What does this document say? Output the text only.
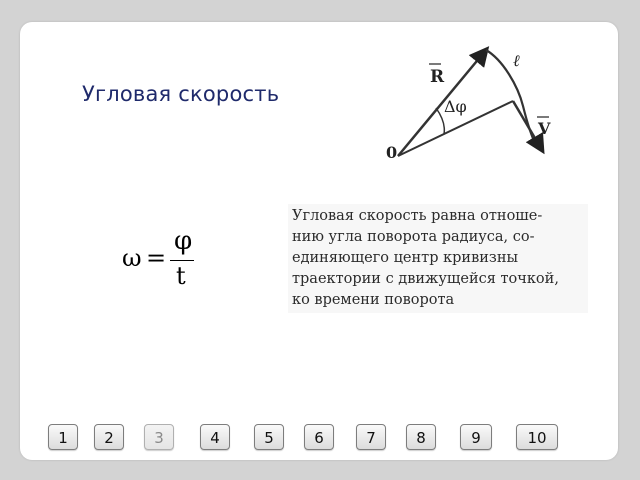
Угловая скорость
R
ℓ
Δφ
0
V
ω =
φ
t
Угловая скорость равна отноше-
нию угла поворота радиуса, со-
единяющего центр кривизны
траектории с движущейся точкой,
ко времени поворота
1	2	3	4	5	6	7	8	9	10
